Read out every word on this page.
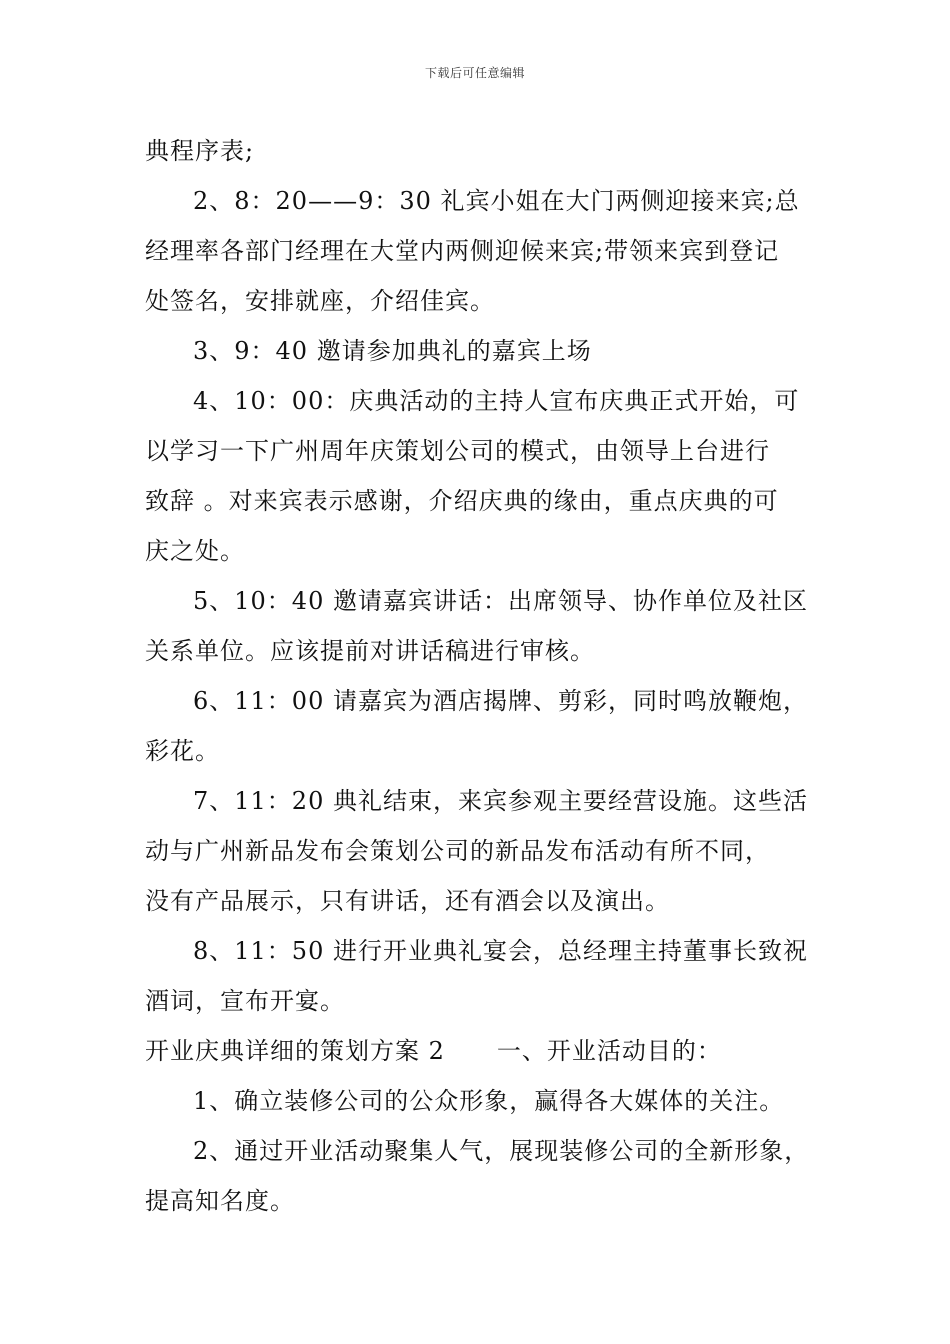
下载后可任意编辑
典程序表;
2、8：20——9：30 礼宾小姐在大门两侧迎接来宾;总
经理率各部门经理在大堂内两侧迎候来宾;带领来宾到登记
处签名，安排就座，介绍佳宾。
3、9：40 邀请参加典礼的嘉宾上场
4、10：00：庆典活动的主持人宣布庆典正式开始，可
以学习一下广州周年庆策划公司的模式，由领导上台进行
致辞 。对来宾表示感谢，介绍庆典的缘由，重点庆典的可
庆之处。
5、10：40 邀请嘉宾讲话：出席领导、协作单位及社区
关系单位。应该提前对讲话稿进行审核。
6、11：00 请嘉宾为酒店揭牌、剪彩，同时鸣放鞭炮，
彩花。
7、11：20 典礼结束，来宾参观主要经营设施。这些活
动与广州新品发布会策划公司的新品发布活动有所不同，
没有产品展示，只有讲话，还有酒会以及演出。
8、11：50 进行开业典礼宴会，总经理主持董事长致祝
酒词，宣布开宴。
开业庆典详细的策划方案 2 一、开业活动目的：
1、确立装修公司的公众形象，赢得各大媒体的关注。
2、通过开业活动聚集人气，展现装修公司的全新形象，
提高知名度。
